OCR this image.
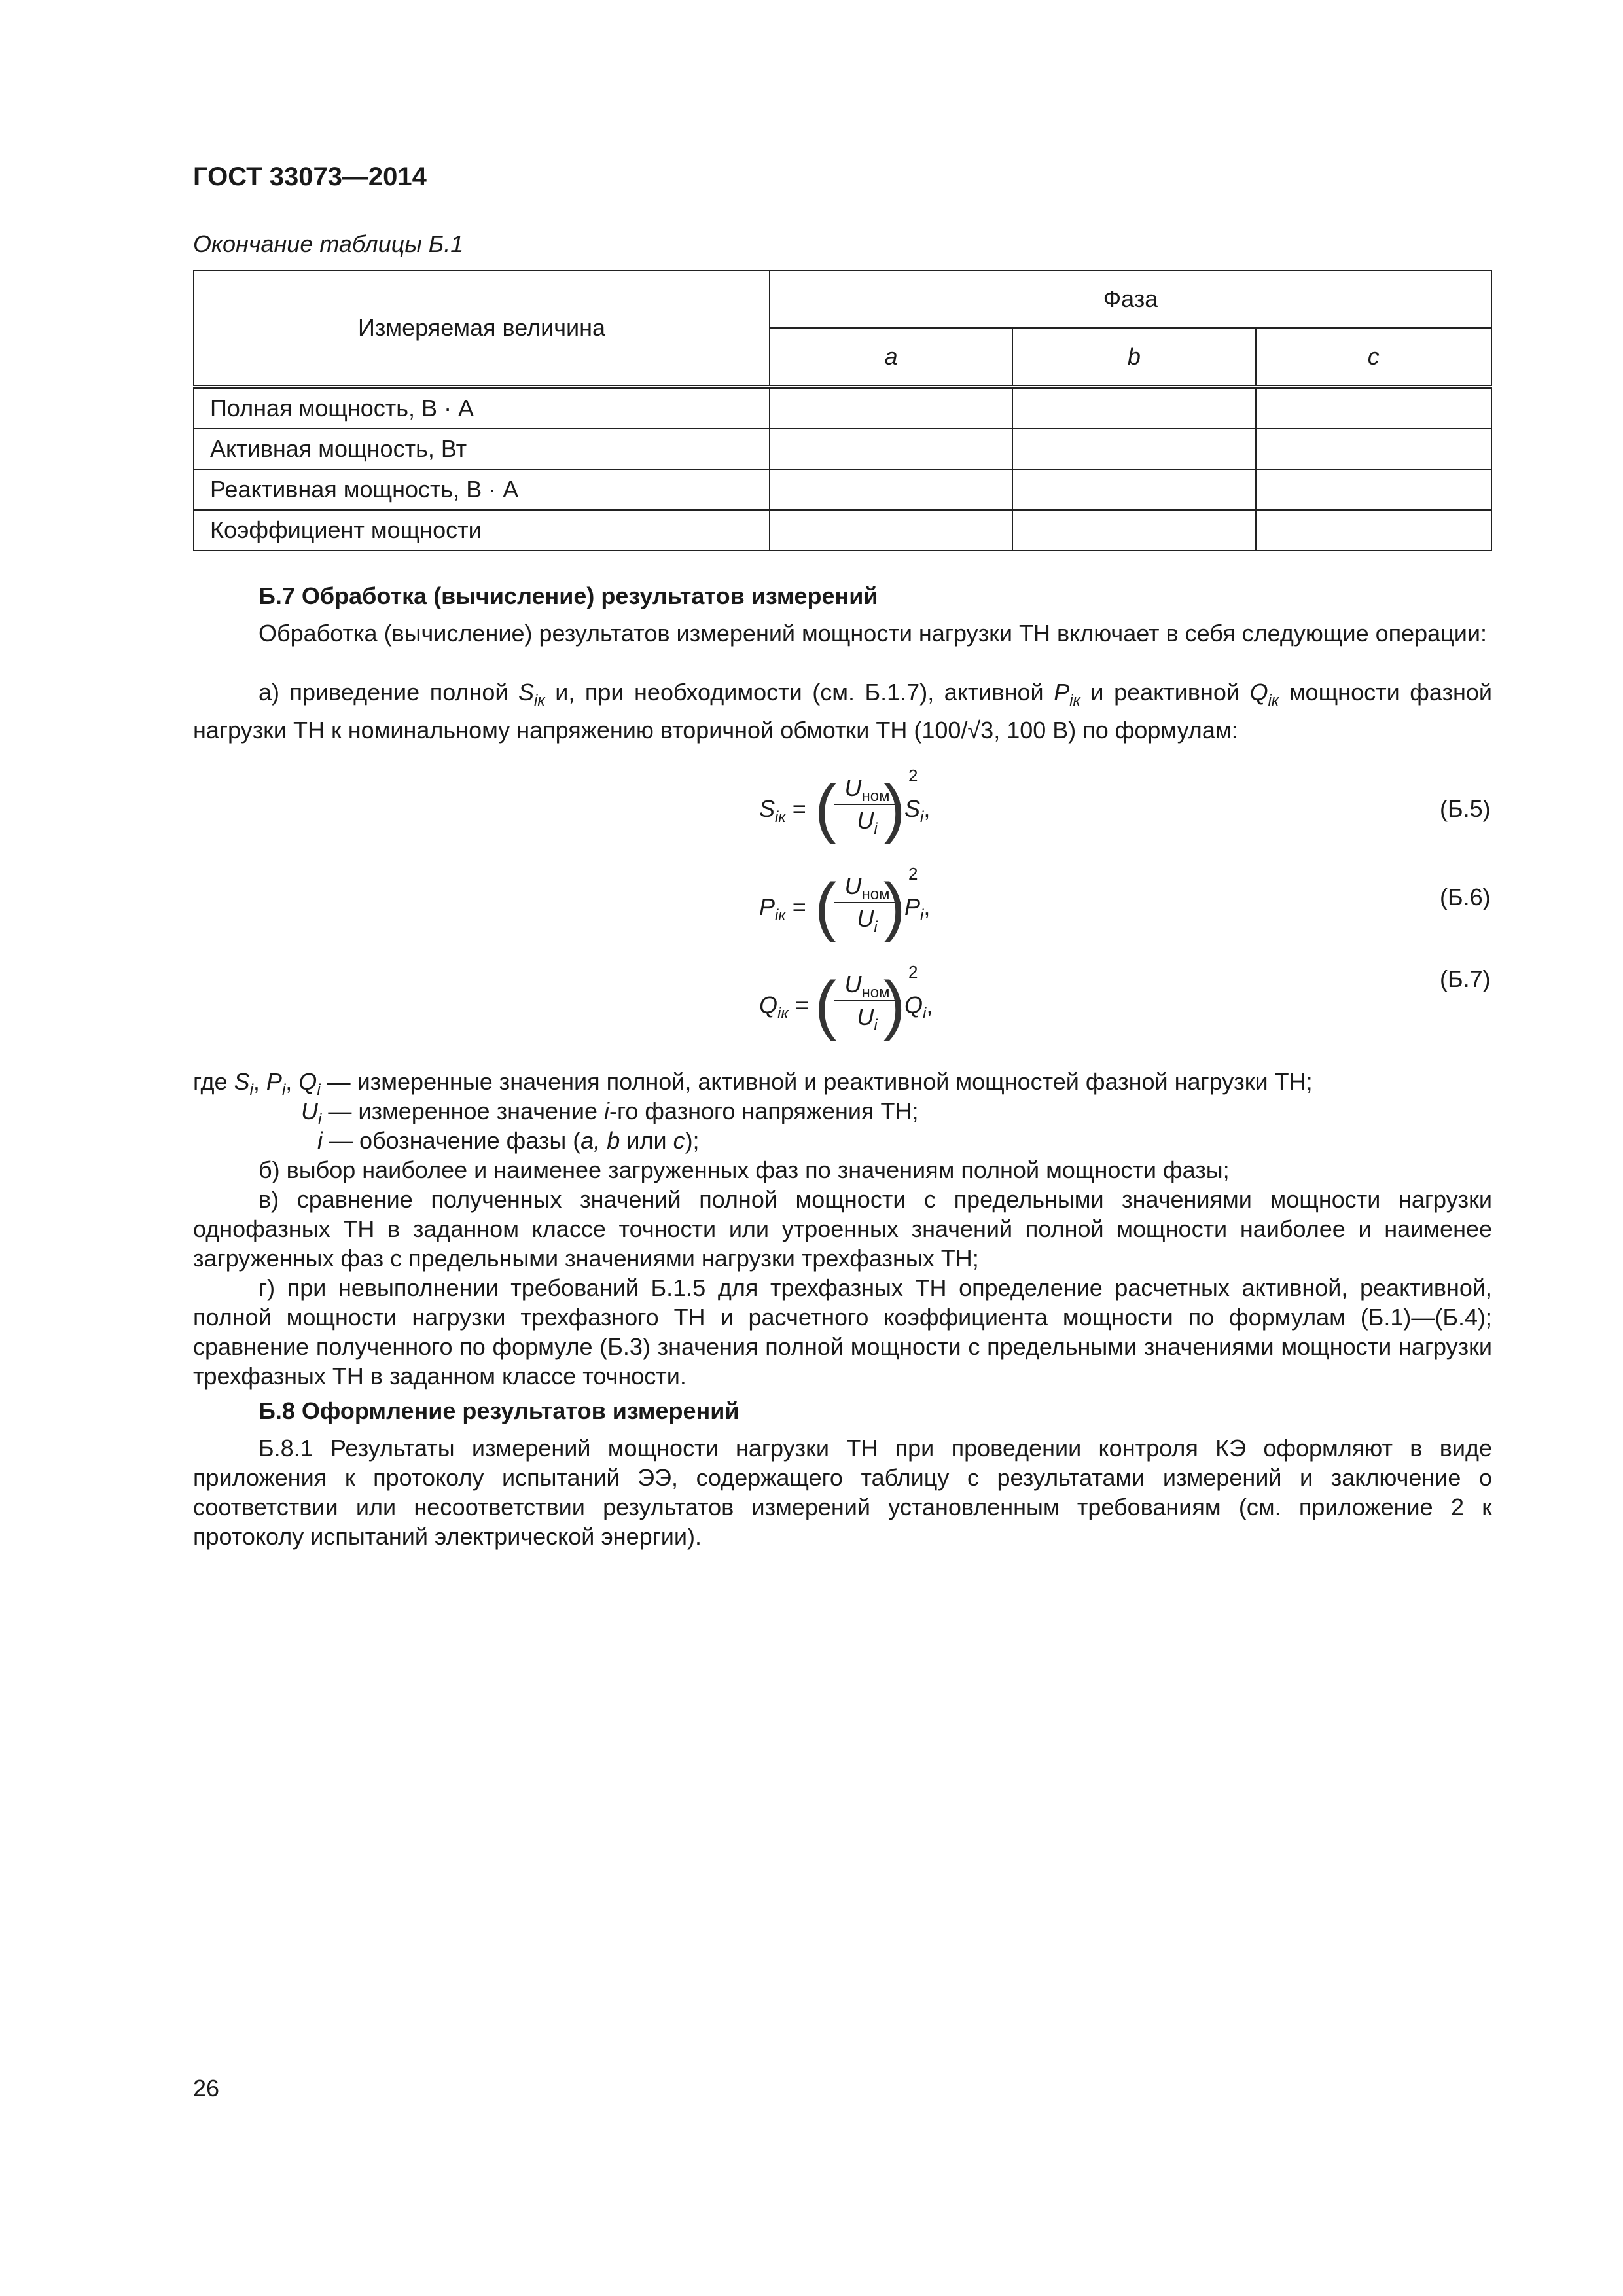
ГОСТ 33073—2014
Окончание таблицы Б.1
Измеряемая величина	Фаза		
	a	b	c
Полная мощность, В · А			
Активная мощность, Вт			
Реактивная мощность, В · А			
Коэффициент мощности			
Б.7 Обработка (вычисление) результатов измерений
Обработка (вычисление) результатов измерений мощности нагрузки ТН включает в себя следующие операции:
а) приведение полной $S_{iк}$ и, при необходимости (см. Б.1.7), активной $P_{iк}$ и реактивной $Q_{iк}$ мощности фазной нагрузки ТН к номинальному напряжению вторичной обмотки ТН (100/√3, 100 В) по формулам:
$S_{iк}$ = ( $U_{ном}$
$U_i$ ) 2
$S_i$,	(Б.5)
$P_{iк}$ = ( $U_{ном}$
$U_i$ ) 2
$P_i$,	(Б.6)
$Q_{iк}$ = ( $U_{ном}$
$U_i$ ) 2
$Q_i$,
(Б.7)
где $S_i$, $P_i$, $Q_i$ — измеренные значения полной, активной и реактивной мощностей фазной нагрузки ТН;
$U_i$ — измеренное значение i-го фазного напряжения ТН;
i — обозначение фазы (a, b или c);
б) выбор наиболее и наименее загруженных фаз по значениям полной мощности фазы;
в) сравнение полученных значений полной мощности с предельными значениями мощности нагрузки однофазных ТН в заданном классе точности или утроенных значений полной мощности наиболее и наименее загруженных фаз с предельными значениями нагрузки трехфазных ТН;
г) при невыполнении требований Б.1.5 для трехфазных ТН определение расчетных активной, реактивной, полной мощности нагрузки трехфазного ТН и расчетного коэффициента мощности по формулам (Б.1)—(Б.4); сравнение полученного по формуле (Б.3) значения полной мощности с предельными значениями мощности нагрузки трехфазных ТН в заданном классе точности.
Б.8 Оформление результатов измерений
Б.8.1 Результаты измерений мощности нагрузки ТН при проведении контроля КЭ оформляют в виде приложения к протоколу испытаний ЭЭ, содержащего таблицу с результатами измерений и заключение о соответствии или несоответствии результатов измерений установленным требованиям (см. приложение 2 к протоколу испытаний электрической энергии).
26
